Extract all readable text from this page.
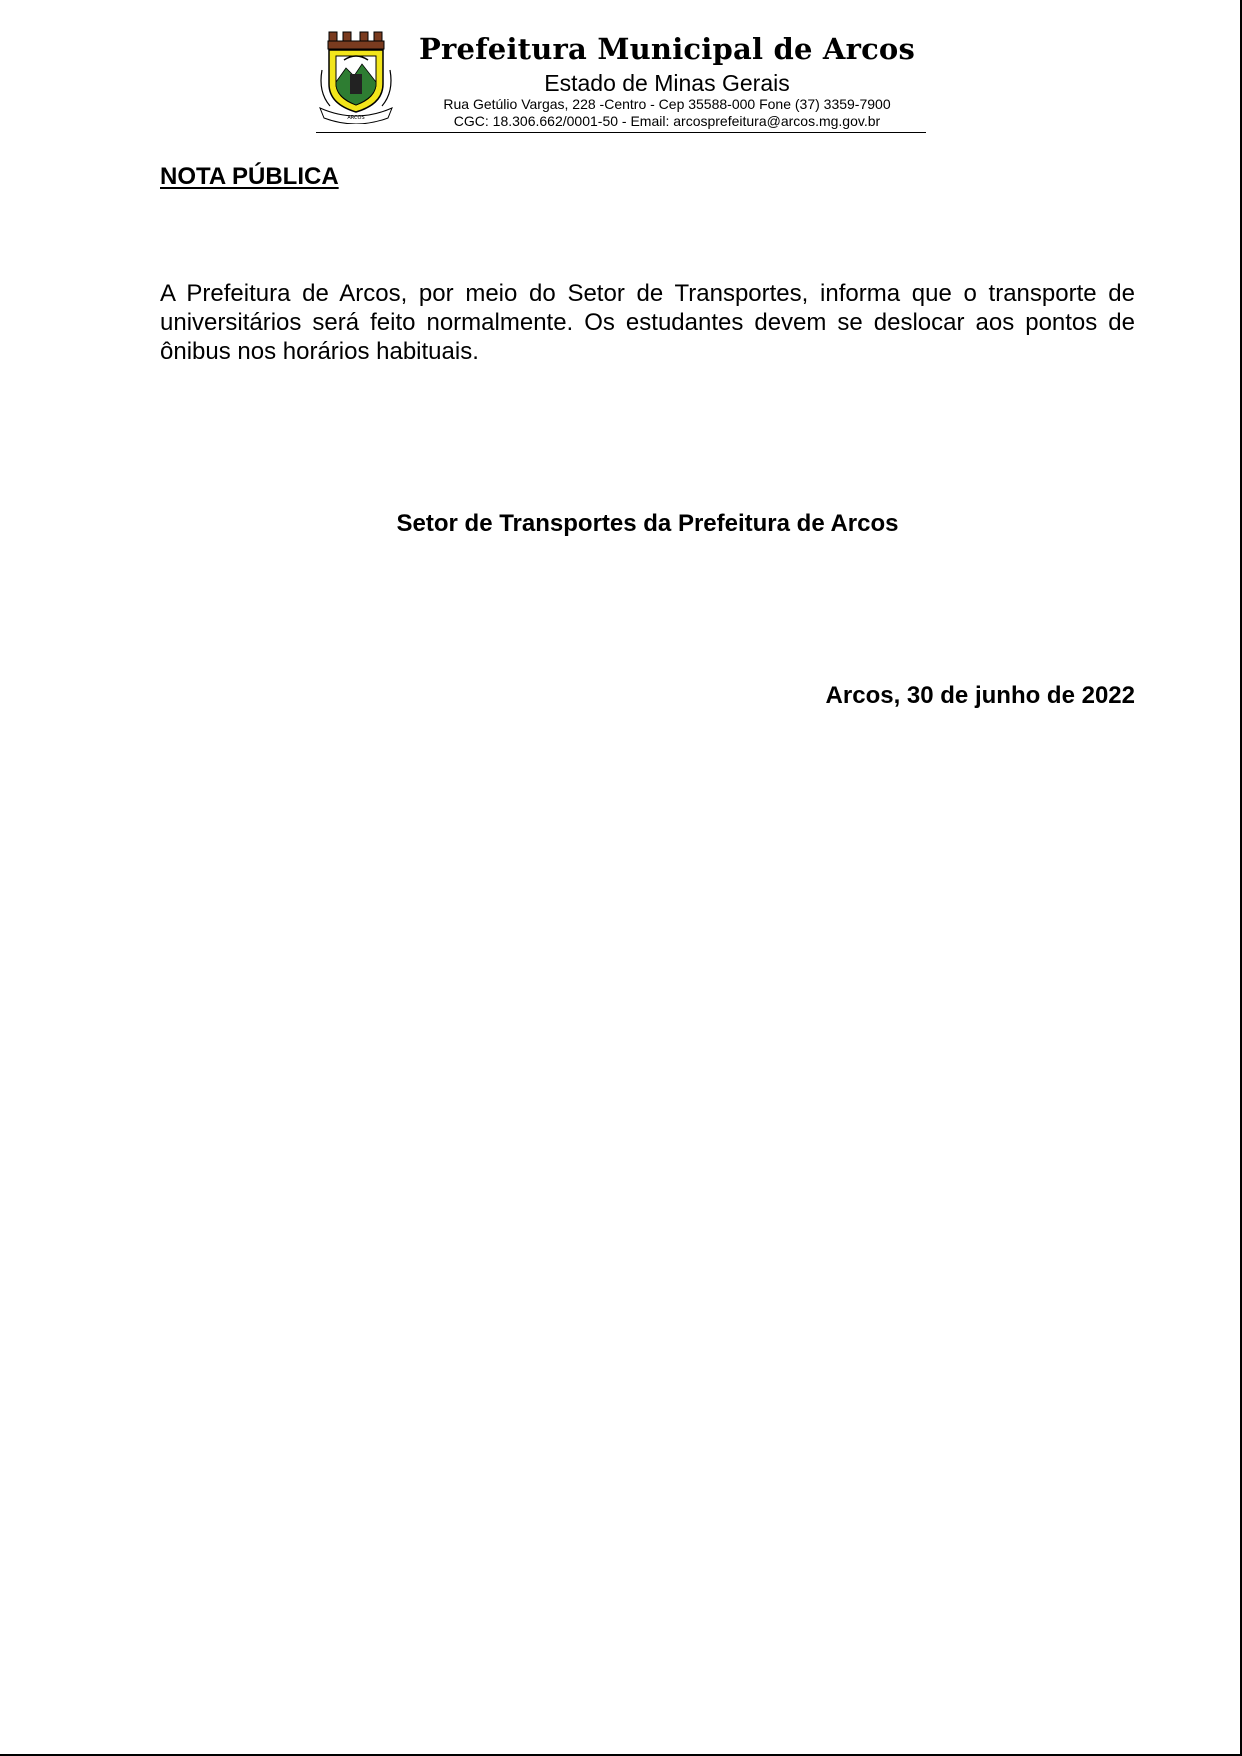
ARCOS
Prefeitura Municipal de Arcos
Estado de Minas Gerais
Rua Getúlio Vargas, 228 -Centro - Cep 35588-000 Fone (37) 3359-7900
CGC: 18.306.662/0001-50 - Email: arcosprefeitura@arcos.mg.gov.br
NOTA PÚBLICA
A Prefeitura de Arcos, por meio do Setor de Transportes, informa que o transporte de universitários será feito normalmente. Os estudantes devem se deslocar aos pontos de ônibus nos horários habituais.
Setor de Transportes da Prefeitura de Arcos
Arcos, 30 de junho de 2022
